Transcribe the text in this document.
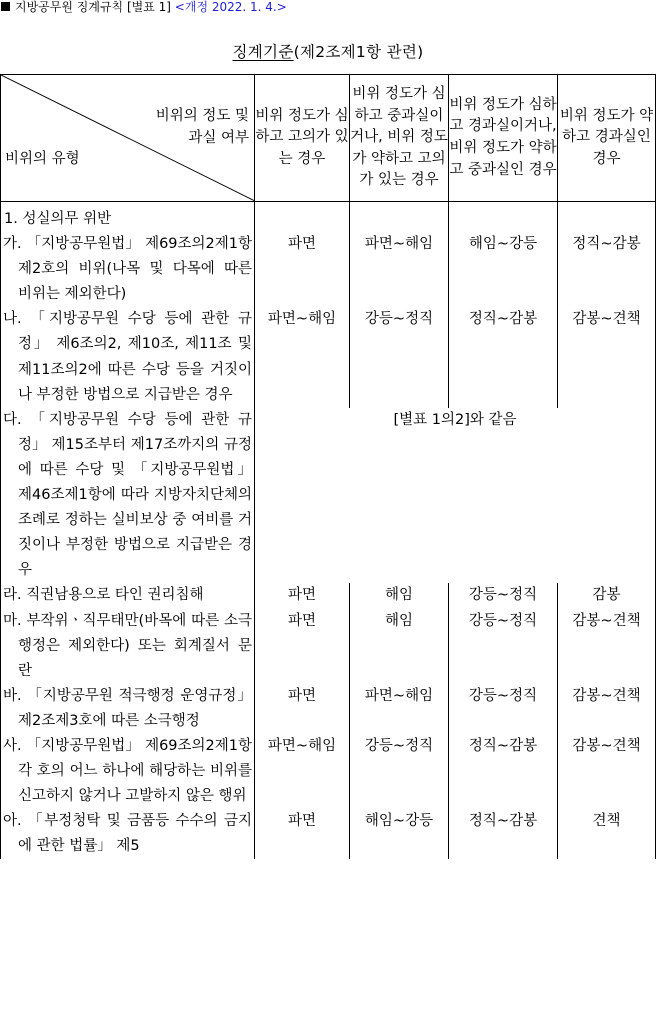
지방공무원 징계규칙 [별표 1] <개정 2022. 1. 4.>
징계기준(제2조제1항 관련)
비위의 정도 및
과실 여부
비위의 유형	비위 정도가 심하고 고의가 있는 경우	비위 정도가 심하고 중과실이거나, 비위 정도가 약하고 고의가 있는 경우	비위 정도가 심하고 경과실이거나, 비위 정도가 약하고 중과실인 경우	비위 정도가 약하고 경과실인 경우
1. 성실의무 위반				
가. 「지방공무원법」 제69조의2제1항제2호의 비위(나목 및 다목에 따른 비위는 제외한다)	파면	파면~해임	해임~강등	정직~감봉
나. 「지방공무원 수당 등에 관한 규정」 제6조의2, 제10조, 제11조 및 제11조의2에 따른 수당 등을 거짓이나 부정한 방법으로 지급받은 경우	파면~해임	강등~정직	정직~감봉	감봉~견책
다. 「지방공무원 수당 등에 관한 규정」 제15조부터 제17조까지의 규정에 따른 수당 및 「지방공무원법」 제46조제1항에 따라 지방자치단체의 조례로 정하는 실비보상 중 여비를 거짓이나 부정한 방법으로 지급받은 경우	[별표 1의2]와 같음			
라. 직권남용으로 타인 권리침해	파면	해임	강등~정직	감봉
마. 부작위ㆍ직무태만(바목에 따른 소극행정은 제외한다) 또는 회계질서 문란	파면	해임	강등~정직	감봉~견책
바. 「지방공무원 적극행정 운영규정」 제2조제3호에 따른 소극행정	파면	파면~해임	강등~정직	감봉~견책
사. 「지방공무원법」 제69조의2제1항 각 호의 어느 하나에 해당하는 비위를 신고하지 않거나 고발하지 않은 행위	파면~해임	강등~정직	정직~감봉	감봉~견책
아. 「부정청탁 및 금품등 수수의 금지에 관한 법률」 제5	파면	해임~강등	정직~감봉	견책
